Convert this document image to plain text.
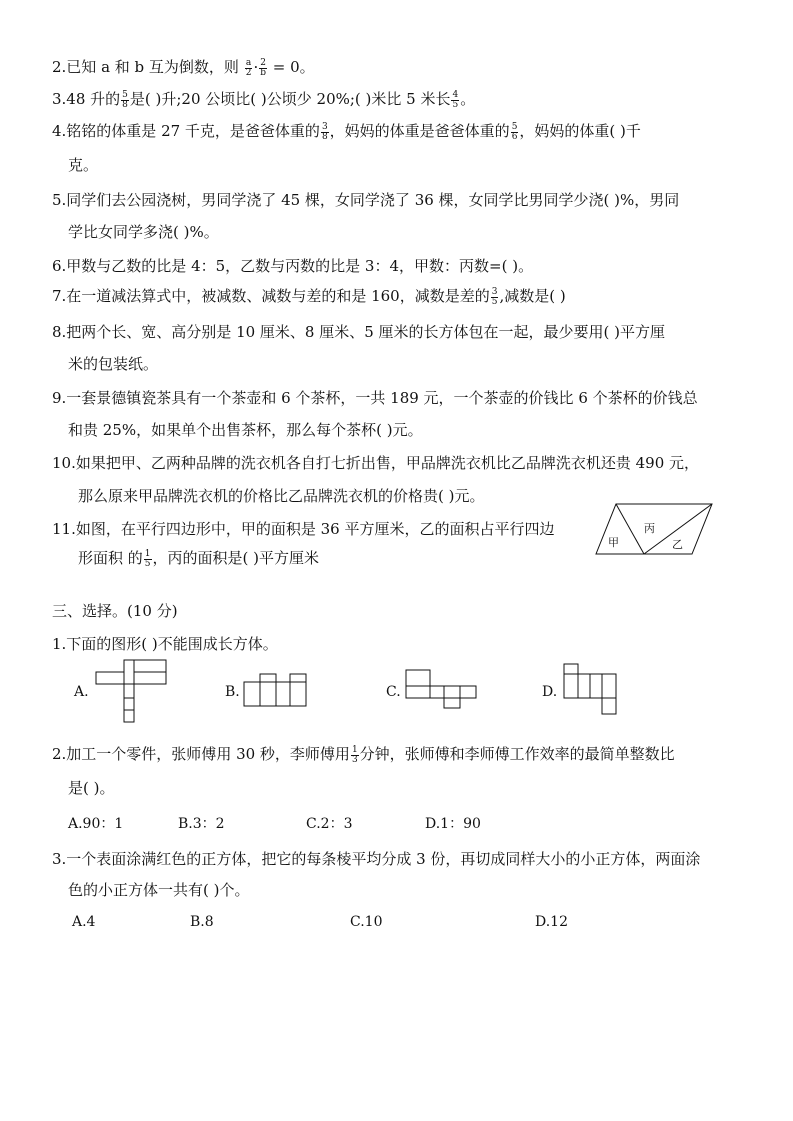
2.已知 a 和 b 互为倒数，则 $\frac{a}{2} \cdot \frac{2}{b} = 0$。
3.48 升的 $\frac{5}{8}$ 是( )升;20 公顷比( )公顷少 20%;( )米比 5 米长 $\frac{4}{5}$ 。
4.铭铭的体重是 27 千克，是爸爸体重的 $\frac{3}{8}$ ，妈妈的体重是爸爸体重的 $\frac{5}{6}$ ，妈妈的体重( )千
克。
5.同学们去公园浇树，男同学浇了 45 棵，女同学浇了 36 棵，女同学比男同学少浇( )%，男同
学比女同学多浇( )%。
6.甲数与乙数的比是 4：5，乙数与丙数的比是 3：4，甲数：丙数=( )。
7.在一道减法算式中，被减数、减数与差的和是 160，减数是差的 $\frac{3}{5}$ ,减数是( )
8.把两个长、宽、高分别是 10 厘米、8 厘米、5 厘米的长方体包在一起，最少要用( )平方厘
米的包装纸。
9.一套景德镇瓷茶具有一个茶壶和 6 个茶杯，一共 189 元，一个茶壶的价钱比 6 个茶杯的价钱总
和贵 25%，如果单个出售茶杯，那么每个茶杯( )元。
10.如果把甲、乙两种品牌的洗衣机各自打七折出售，甲品牌洗衣机比乙品牌洗衣机还贵 490 元，
那么原来甲品牌洗衣机的价格比乙品牌洗衣机的价格贵( )元。
11.如图，在平行四边形中，甲的面积是 36 平方厘米，乙的面积占平行四边
形面积 的 $\frac{1}{5}$ ，丙的面积是( )平方厘米
甲
丙
乙
三、选择。(10 分)
1.下面的图形( )不能围成长方体。
A.	B.	C.	D.
2.加工一个零件，张师傅用 30 秒，李师傅用 $\frac{1}{3}$ 分钟，张师傅和李师傅工作效率的最简单整数比
是( )。
A.90：1	B.3：2	C.2：3	D.1：90
3.一个表面涂满红色的正方体，把它的每条棱平均分成 3 份，再切成同样大小的小正方体，两面涂
色的小正方体一共有( )个。
A.4	B.8	C.10	D.12
